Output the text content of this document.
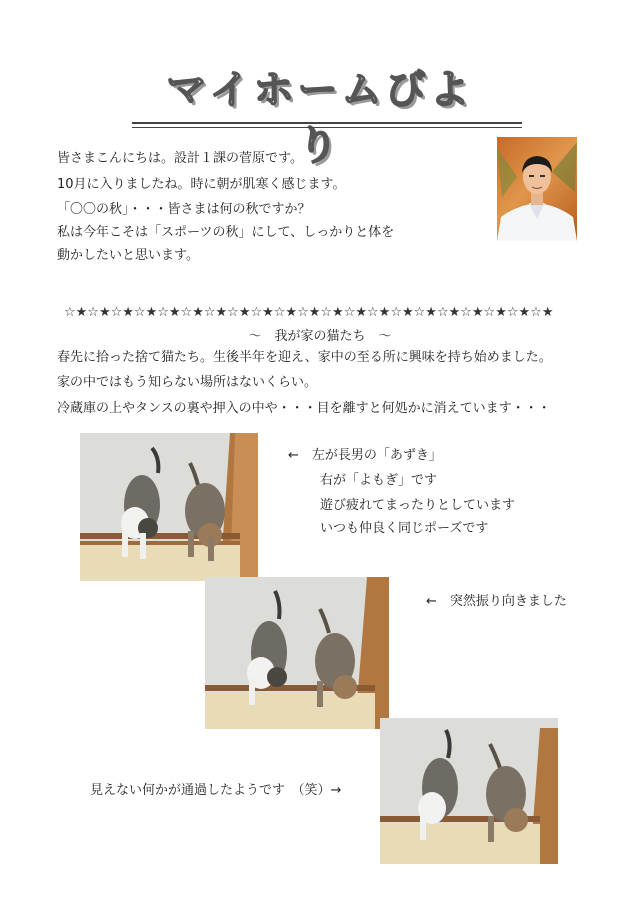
マイホームびより
皆さまこんにちは。設計１課の菅原です。
10月に入りましたね。時に朝が肌寒く感じます。
「〇〇の秋」・・・皆さまは何の秋ですか？
私は今年こそは「スポーツの秋」にして、しっかりと体を
動かしたいと思います。
☆★☆★☆★☆★☆★☆★☆★☆★☆★☆★☆★☆★☆★☆★☆★☆★☆★☆★☆★☆★☆★
～　我が家の猫たち　～
春先に拾った捨て猫たち。生後半年を迎え、家中の至る所に興味を持ち始めました。
家の中ではもう知らない場所はないくらい。
冷蔵庫の上やタンスの裏や押入の中や・・・目を離すと何処かに消えています・・・
←　左が長男の「あずき」
右が「よもぎ」です
遊び疲れてまったりとしています
いつも仲良く同じポーズです
←　突然振り向きました
見えない何かが通過したようです　（笑）→
